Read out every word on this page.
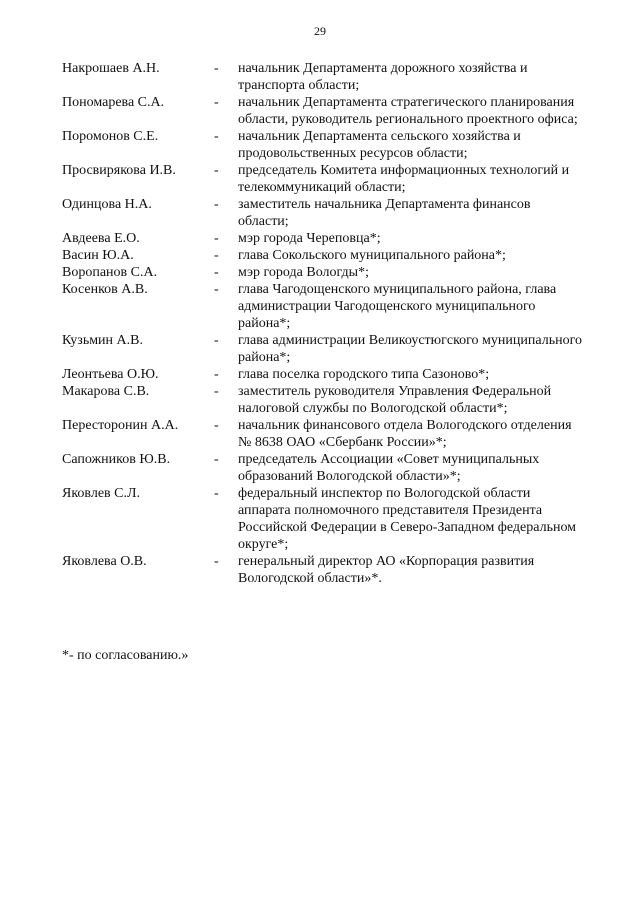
29
Накрошаев А.Н.	-	начальник Департамента дорожного хозяйства и транспорта области;
Пономарева С.А.	-	начальник Департамента стратегического планирования области, руководитель регионального проектного офиса;
Поромонов С.Е.	-	начальник Департамента сельского хозяйства и продовольственных ресурсов области;
Просвирякова И.В.	-	председатель Комитета информационных технологий и телекоммуникаций области;
Одинцова Н.А.	-	заместитель начальника Департамента финансов области;
Авдеева Е.О.	-	мэр города Череповца*;
Васин Ю.А.	-	глава Сокольского муниципального района*;
Воропанов С.А.	-	мэр города Вологды*;
Косенков А.В.	-	глава Чагодощенского муниципального района, глава администрации Чагодощенского муниципального района*;
Кузьмин А.В.	-	глава администрации Великоустюгского муниципального района*;
Леонтьева О.Ю.	-	глава поселка городского типа Сазоново*;
Макарова С.В.	-	заместитель руководителя Управления Федеральной налоговой службы по Вологодской области*;
Пересторонин А.А.	-	начальник финансового отдела Вологодского отделения № 8638 ОАО «Сбербанк России»*;
Сапожников Ю.В.	-	председатель Ассоциации «Совет муниципальных образований Вологодской области»*;
Яковлев С.Л.	-	федеральный инспектор по Вологодской области аппарата полномочного представителя Президента Российской Федерации в Северо-Западном федеральном округе*;
Яковлева О.В.	-	генеральный директор АО «Корпорация развития Вологодской области»*.
*- по согласованию.»
